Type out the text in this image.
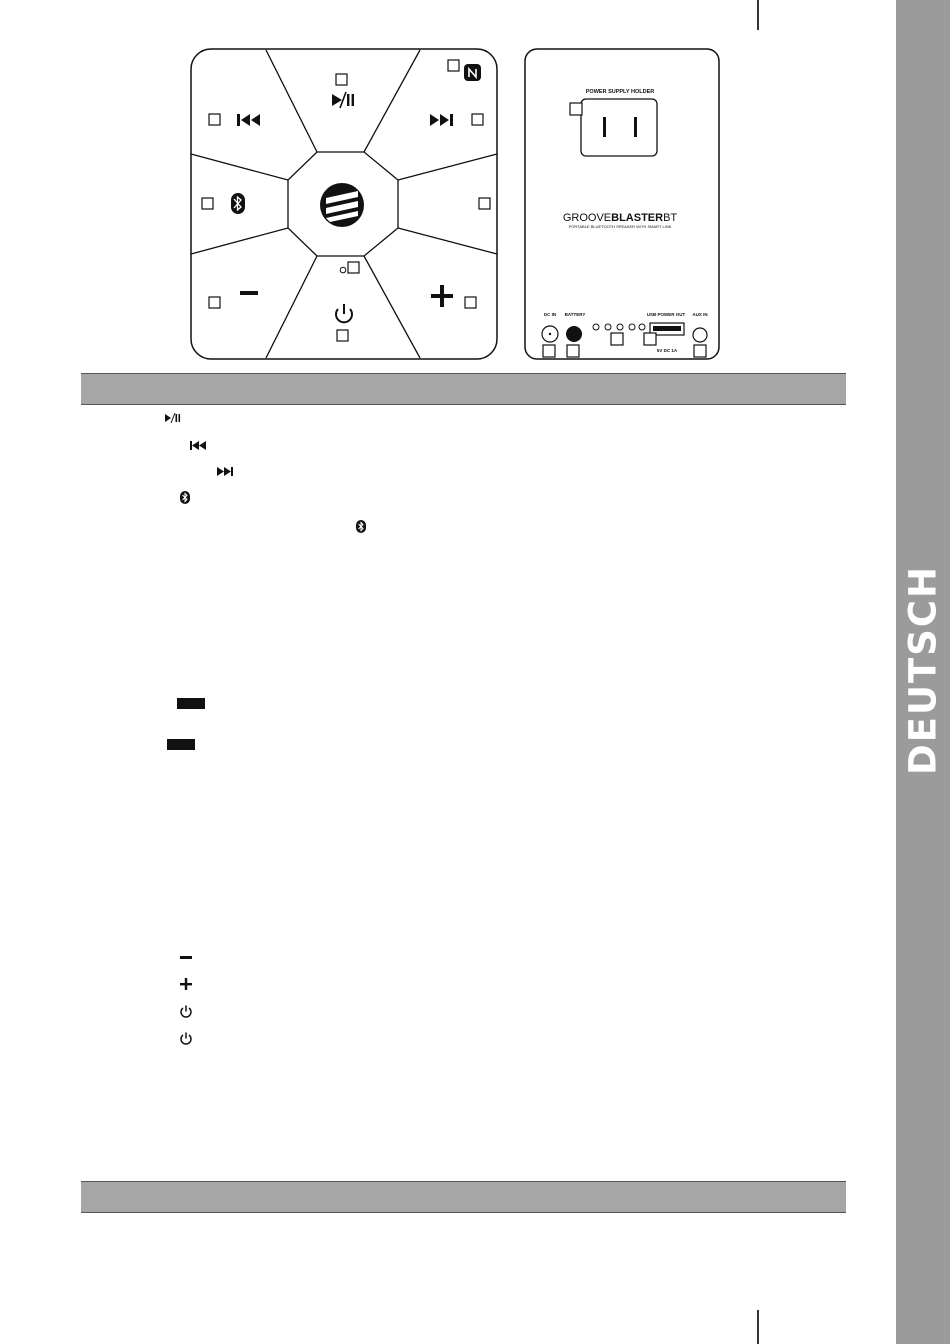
DEUTSCH
POWER SUPPLY HOLDER
GROOVEBLASTERBT
PORTABLE BLUETOOTH SPEAKER WITH SMART LINK
DC IN BATTERY	USB POWER OUT AUX IN
5V DC 1A
